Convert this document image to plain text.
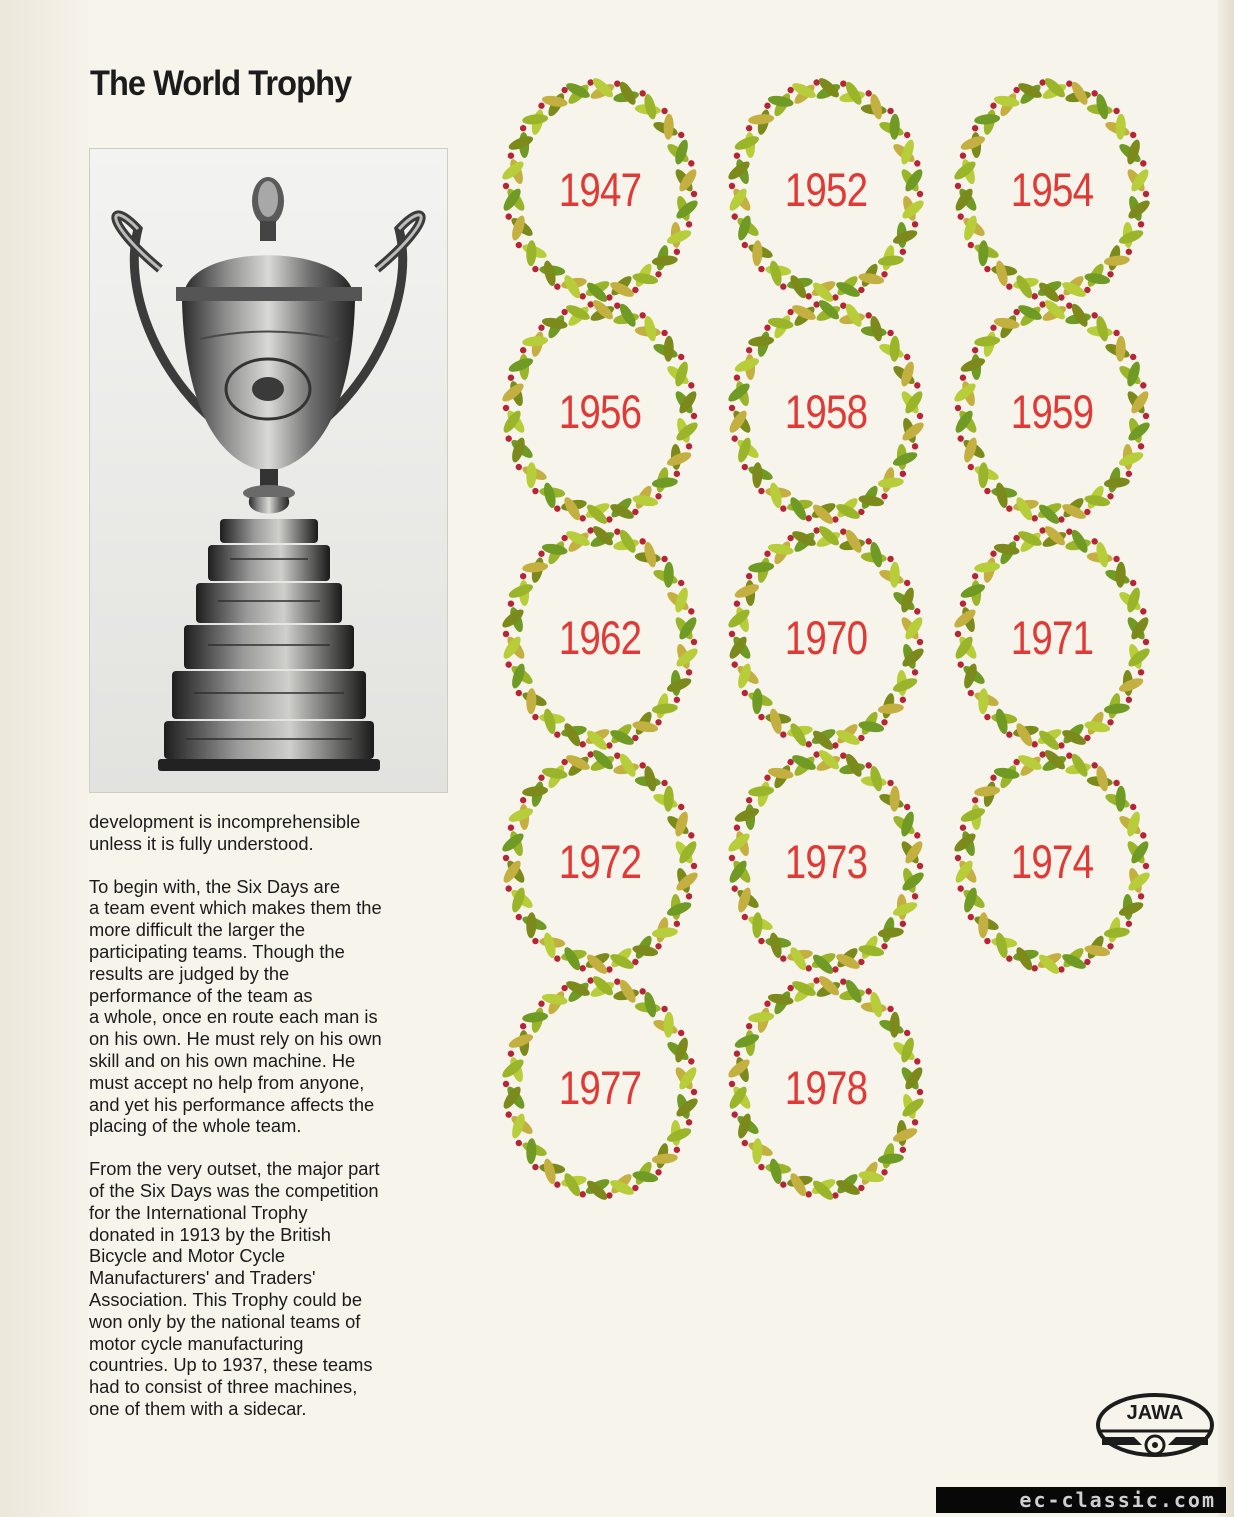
The World Trophy

development is incomprehensible
unless it is fully understood.

To begin with, the Six Days are
a team event which makes them the
more difficult the larger the
participating teams. Though the
results are judged by the
performance of the team as
a whole, once en route each man is
on his own. He must rely on his own
skill and on his own machine. He
must accept no help from anyone,
and yet his performance affects the
placing of the whole team.

From the very outset, the major part
of the Six Days was the competition
for the International Trophy
donated in 1913 by the British
Bicycle and Motor Cycle
Manufacturers' and Traders'
Association. This Trophy could be
won only by the national teams of
motor cycle manufacturing
countries. Up to 1937, these teams
had to consist of three machines,
one of them with a sidecar.

1947	1952	1954
1956	1958	1959
1962	1970	1971
1972	1973	1974
1977	1978
JAWA
ec-classic.com
